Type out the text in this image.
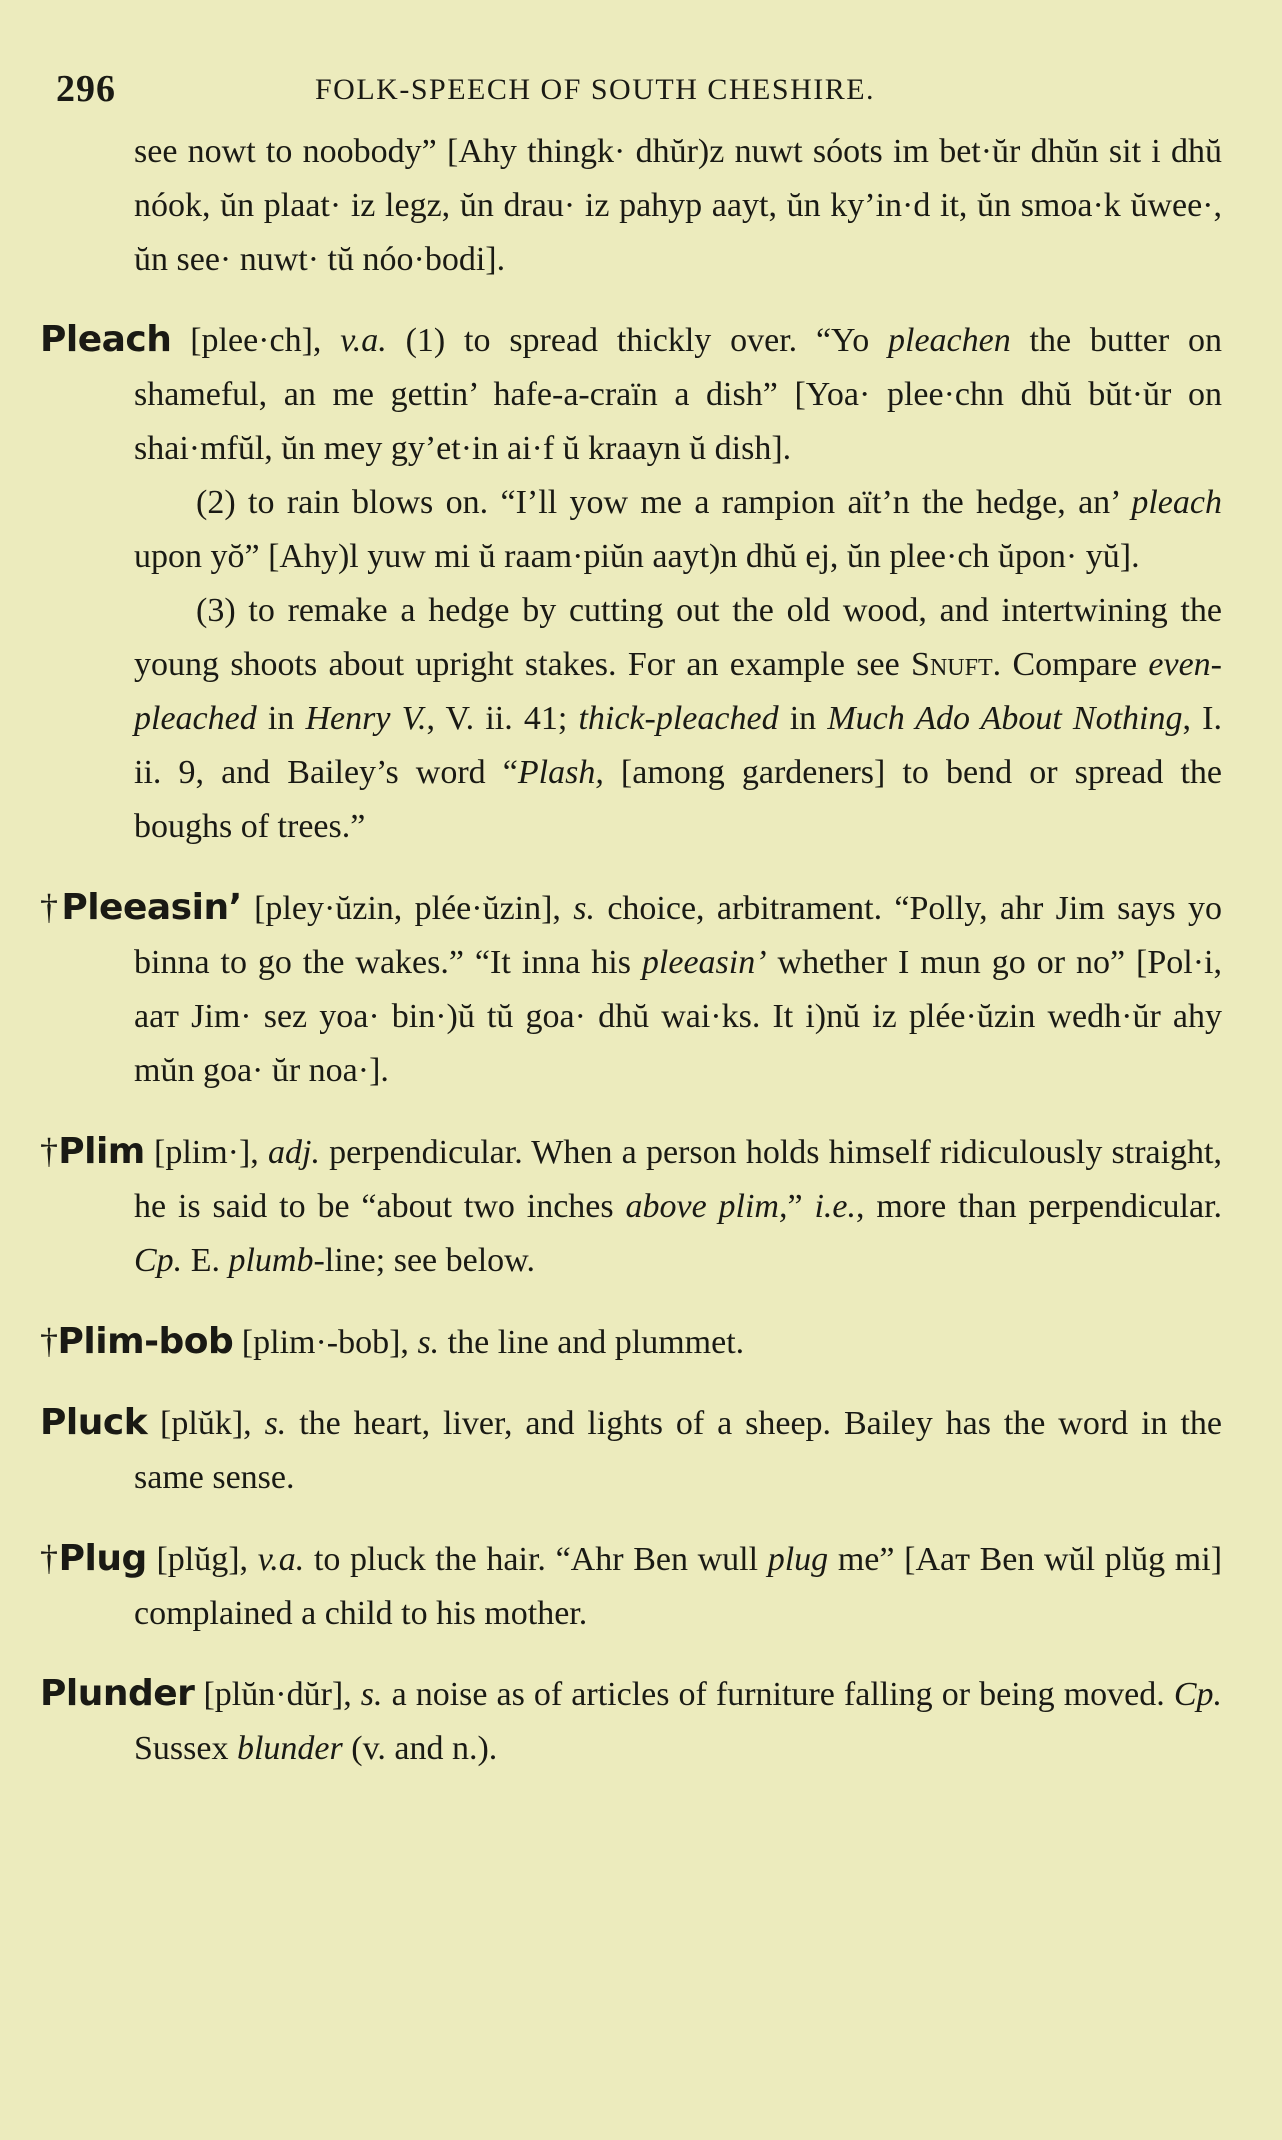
296	FOLK-SPEECH OF SOUTH CHESHIRE.

see nowt to noobody” [Ahy thingk· dhŭr)z nuwt sóots im bet·ŭr dhŭn sit i dhŭ nóok, ŭn plaat· iz legz, ŭn drau· iz pahyp aayt, ŭn ky’in·d it, ŭn smoa·k ŭwee·, ŭn see· nuwt· tŭ nóo·bodi].

Pleach [plee·ch], v.a. (1) to spread thickly over. “Yo pleachen the butter on shameful, an me gettin’ hafe-a-craïn a dish” [Yoa· plee·chn dhŭ bŭt·ŭr on shai·mfŭl, ŭn mey gy’et·in ai·f ŭ kraayn ŭ dish].

(2) to rain blows on. “I’ll yow me a rampion aït’n the hedge, an’ pleach upon yŏ” [Ahy)l yuw mi ŭ raam·piŭn aayt)n dhŭ ej, ŭn plee·ch ŭpon· yŭ].

(3) to remake a hedge by cutting out the old wood, and intertwining the young shoots about upright stakes. For an example see Snuft. Compare even-pleached in Henry V., V. ii. 41; thick-pleached in Much Ado About Nothing, I. ii. 9, and Bailey’s word “Plash, [among gardeners] to bend or spread the boughs of trees.”

†Pleeasin’ [pley·ŭzin, plée·ŭzin], s. choice, arbitrament. “Polly, ahr Jim says yo binna to go the wakes.” “It inna his pleeasin’ whether I mun go or no” [Pol·i, aaᴛ Jim· sez yoa· bin·)ŭ tŭ goa· dhŭ wai·ks. It i)nŭ iz plée·ŭzin wedh·ŭr ahy mŭn goa· ŭr noa·].

†Plim [plim·], adj. perpendicular. When a person holds himself ridiculously straight, he is said to be “about two inches above plim,” i.e., more than perpendicular. Cp. E. plumb-line; see below.

†Plim-bob [plim·-bob], s. the line and plummet.

Pluck [plŭk], s. the heart, liver, and lights of a sheep. Bailey has the word in the same sense.

†Plug [plŭg], v.a. to pluck the hair. “Ahr Ben wull plug me” [Aaᴛ Ben wŭl plŭg mi] complained a child to his mother.

Plunder [plŭn·dŭr], s. a noise as of articles of furniture falling or being moved. Cp. Sussex blunder (v. and n.).
